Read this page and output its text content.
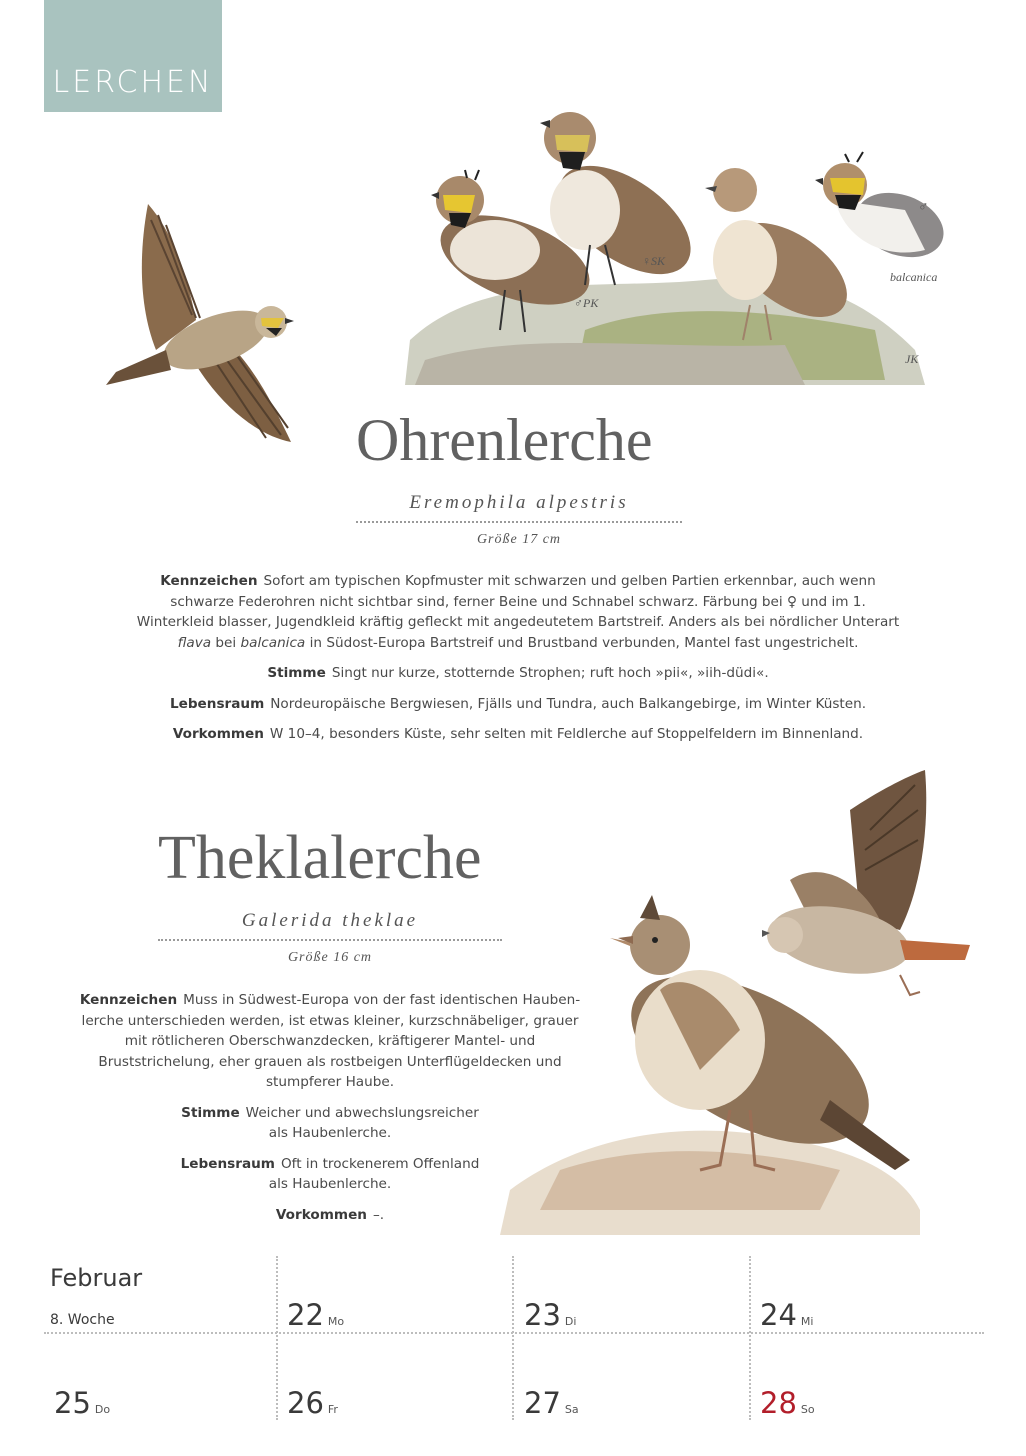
LERCHEN
♂PK
♀SK
♂
balcanica
JK
Ohrenlerche
Eremophila alpestris
Größe 17 cm

Kennzeichen Sofort am typischen Kopfmuster mit schwarzen und gelben Partien erkennbar, auch wenn schwarze Federohren nicht sichtbar sind, ferner Beine und Schnabel schwarz. Färbung bei ♀ und im 1. Winterkleid blasser, Jugendkleid kräftig gefleckt mit angedeutetem Bartstreif. Anders als bei nördlicher Unterart flava bei balcanica in Südost-Europa Bartstreif und Brustband verbunden, Mantel fast ungestrichelt.

Stimme Singt nur kurze, stotternde Strophen; ruft hoch »pii«, »iih-düdi«.

Lebensraum Nordeuropäische Bergwiesen, Fjälls und Tundra, auch Balkangebirge, im Winter Küsten.

Vorkommen W 10–4, besonders Küste, sehr selten mit Feldlerche auf Stoppelfeldern im Binnenland.

Theklalerche
Galerida theklae
Größe 16 cm

Kennzeichen Muss in Südwest-Europa von der fast identischen Hauben-lerche unterschieden werden, ist etwas kleiner, kurzschnäbeliger, grauer mit rötlicheren Oberschwanzdecken, kräftigerer Mantel- und Bruststrichelung, eher grauen als rostbeigen Unterflügeldecken und stumpferer Haube.

Stimme Weicher und abwechslungsreicher als Haubenlerche.

Lebensraum Oft in trockenerem Offenland als Haubenlerche.

Vorkommen –.

Februar
8. Woche	22 Mo	23 Di	24 Mi
25 Do	26 Fr	27 Sa	28 So
